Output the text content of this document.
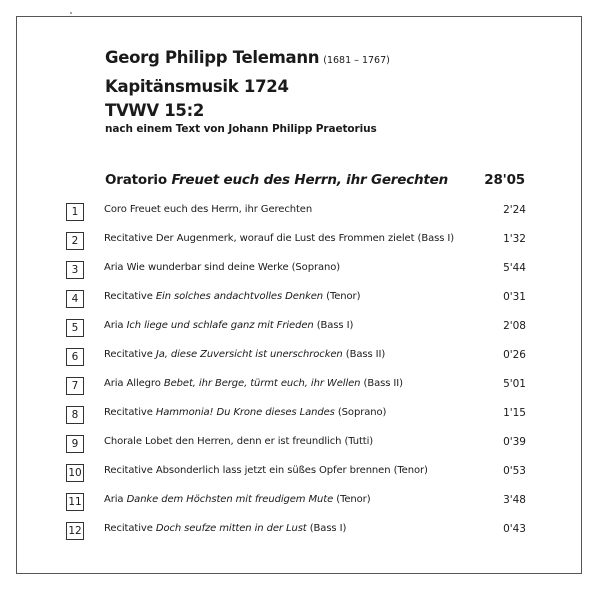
Georg Philipp Telemann (1681 – 1767)
Kapitänsmusik 1724
TVWV 15:2
nach einem Text von Johann Philipp Praetorius
Oratorio Freuet euch des Herrn, ihr Gerechten	28'05
1	Coro Freuet euch des Herrn, ihr Gerechten	2'24
2	Recitative Der Augenmerk, worauf die Lust des Frommen zielet (Bass I)	1'32
3	Aria Wie wunderbar sind deine Werke (Soprano)	5'44
4	Recitative Ein solches andachtvolles Denken (Tenor)	0'31
5	Aria Ich liege und schlafe ganz mit Frieden (Bass I)	2'08
6	Recitative Ja, diese Zuversicht ist unerschrocken (Bass II)	0'26
7	Aria Allegro Bebet, ihr Berge, türmt euch, ihr Wellen (Bass II)	5'01
8	Recitative Hammonia! Du Krone dieses Landes (Soprano)	1'15
9	Chorale Lobet den Herren, denn er ist freundlich (Tutti)	0'39
10 Recitative Absonderlich lass jetzt ein süßes Opfer brennen (Tenor)	0'53
11 Aria Danke dem Höchsten mit freudigem Mute (Tenor)	3'48
12 Recitative Doch seufze mitten in der Lust (Bass I)	0'43
